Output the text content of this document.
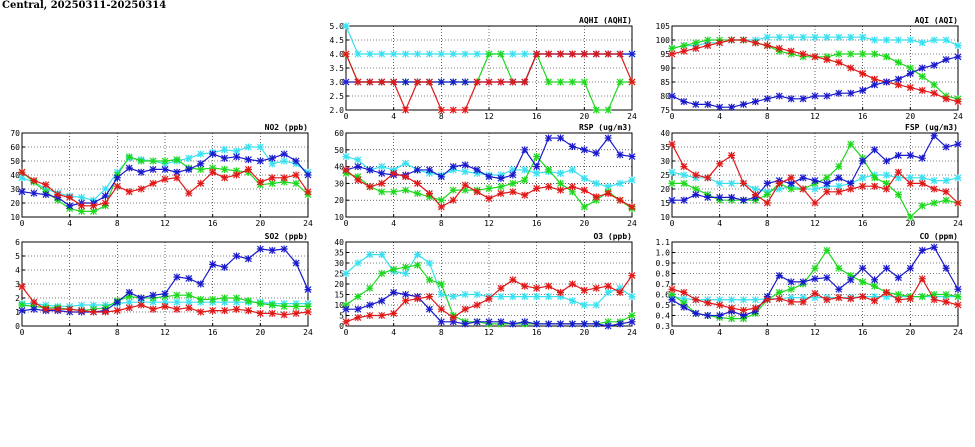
Central, 20250311-20250314
0	4	8	12	16	20	24
2.0
2.5
3.0
3.5
4.0
4.5
5.0
AQHI (AQHI)
0	4	8	12	16	20	24
75
80
85
90
95
100
105
AQI (AQI)
0	4	8	12	16	20	24
10
20
30
40
50
60
70
NO2 (ppb)
0	4	8	12	16	20	24
10
20
30
40
50
60
RSP (ug/m3)
0	4	8	12	16	20	24
10
15
20
25
30
35
40
FSP (ug/m3)
0	4	8	12	16	20	24
0
1
2
3
4
5
6
SO2 (ppb)
0	4	8	12	16	20	24
0
5
10
15
20
25
30
35
40
O3 (ppb)
0	4	8	12	16	20	24
0.3
0.4
0.5
0.6
0.7
0.8
0.9
1.0
1.1
CO (ppm)
